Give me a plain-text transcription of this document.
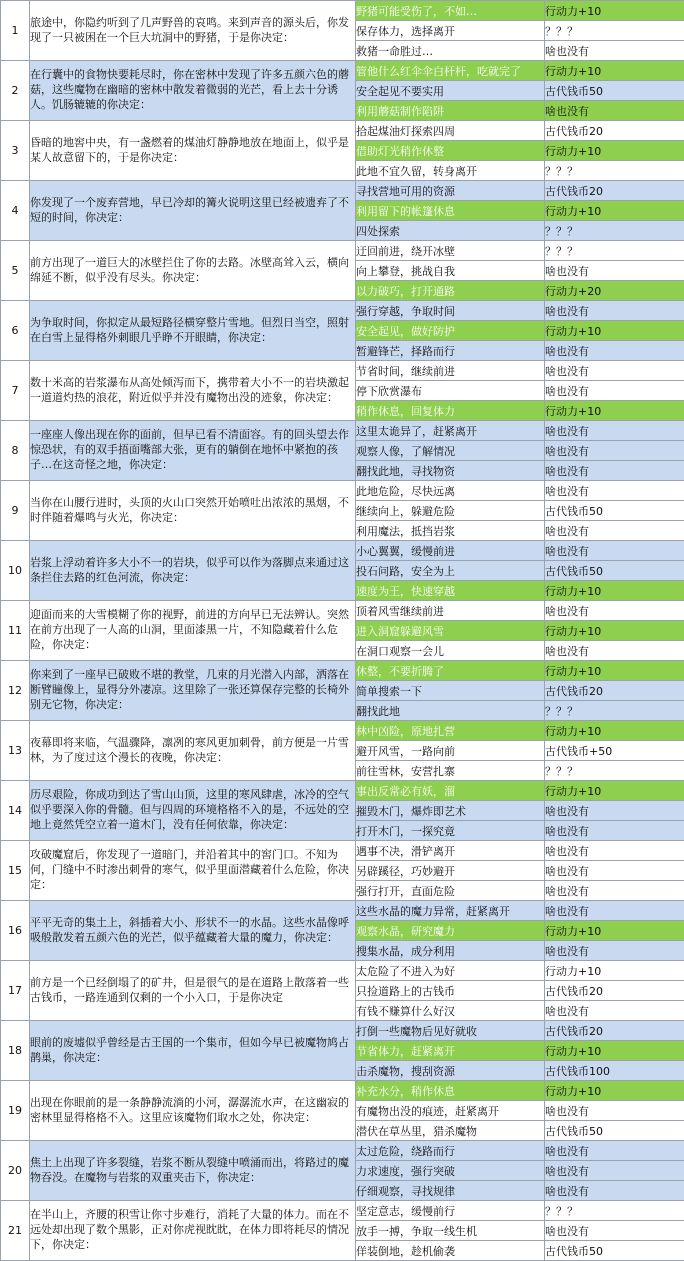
1	旅途中，你隐约听到了几声野兽的哀鸣。来到声音的源头后，你发现了一只被困在一个巨大坑洞中的野猪，于是你决定：	野猪可能受伤了，不如…	行动力+10
		保存体力，选择离开	？？？
		救猪一命胜过…	啥也没有
2	在行囊中的食物快要耗尽时，你在密林中发现了许多五颜六色的蘑菇，这些魔物在幽暗的密林中散发着微弱的光芒，看上去十分诱人。饥肠辘辘的你决定：	管他什么红伞伞白杆杆，吃就完了	行动力+10
		安全起见不要实用	古代钱币50
		利用蘑菇制作陷阱	啥也没有
3	昏暗的地窖中央，有一盏燃着的煤油灯静静地放在地面上，似乎是某人故意留下的，于是你决定：	拾起煤油灯探索四周	古代钱币20
		借助灯光稍作休整	行动力+10
		此地不宜久留，转身离开	？？？
4	你发现了一个废弃营地，早已冷却的篝火说明这里已经被遗弃了不短的时间，你决定：	寻找营地可用的资源	古代钱币20
		利用留下的帐篷休息	行动力+10
		四处探索	？？？
5	前方出现了一道巨大的冰壁拦住了你的去路。冰壁高耸入云，横向绵延不断，似乎没有尽头。你决定：	迂回前进，绕开冰壁	？？？
		向上攀登，挑战自我	啥也没有
		以力破巧，打开通路	行动力+20
6	为争取时间，你拟定从最短路径横穿整片雪地。但烈日当空，照射在白雪上显得格外刺眼几乎睁不开眼睛，你决定：	强行穿越，争取时间	啥也没有
		安全起见，做好防护	行动力+10
		暂避锋芒，择路而行	啥也没有
7	数十米高的岩浆瀑布从高处倾泻而下，携带着大小不一的岩块激起一道道灼热的浪花，附近似乎并没有魔物出没的迹象，你决定：	节省时间，继续前进	啥也没有
		停下欣赏瀑布	啥也没有
		稍作休息，回复体力	行动力+10
8	一座座人像出现在你的面前，但早已看不清面容。有的回头望去作惊恐状，有的双手捂面嘴部大张，更有的躺倒在地怀中紧抱的孩子…在这奇怪之地，你决定：	这里太诡异了，赶紧离开	啥也没有
		观察人像，了解情况	啥也没有
		翻找此地，寻找物资	啥也没有
9	当你在山腰行进时，头顶的火山口突然开始喷吐出浓浓的黑烟，不时伴随着爆鸣与火光，你决定：	此地危险，尽快远离	啥也没有
		继续向上，躲避危险	古代钱币50
		利用魔法，抵挡岩浆	啥也没有
10	岩浆上浮动着许多大小不一的岩块，似乎可以作为落脚点来通过这条拦住去路的红色河流，你决定：	小心翼翼，缓慢前进	啥也没有
		投石问路，安全为上	古代钱币50
		速度为王，快速穿越	行动力+10
11	迎面而来的大雪模糊了你的视野，前进的方向早已无法辨认。突然在前方出现了一人高的山洞，里面漆黑一片，不知隐藏着什么危险，你决定：	顶着风雪继续前进	啥也没有
		进入洞窟躲避风雪	行动力+10
		在洞口观察一会儿	啥也没有
12	你来到了一座早已破败不堪的教堂，几束的月光潜入内部，洒落在断臂瞳像上，显得分外凄凉。这里除了一张还算保存完整的长椅外别无它物，你决定：	休整，不要折腾了	行动力+10
		简单搜索一下	古代钱币20
		翻找此地	？？？
13	夜幕即将来临，气温骤降，凛冽的寒风更加刺骨，前方便是一片雪林，为了度过这个漫长的夜晚，你决定：	林中凶险，原地扎营	行动力+10
		避开风雪，一路向前	古代钱币+50
		前往雪林，安营扎寨	？？？
14	历尽艰险，你成功到达了雪山山顶，这里的寒风肆虐，冰冷的空气似乎要深入你的骨髓。但与四周的环境格格不入的是，不远处的空地上竟然凭空立着一道木门，没有任何依靠，你决定：	事出反常必有妖，溜	行动力+10
		摧毁木门，爆炸即艺术	啥也没有
		打开木门，一探究竟	啥也没有
15	攻破魔窟后，你发现了一道暗门，并沿着其中的窖门口。不知为何，门缝中不时渗出刺骨的寒气，似乎里面潜藏着什么危险，你决定：	遇事不决，滑铲离开	啥也没有
		另辟蹊径，巧妙避开	啥也没有
		强行打开，直面危险	啥也没有
16	平平无奇的集土上，斜插着大小、形状不一的水晶。这些水晶像呼吸般散发着五颜六色的光芒，似乎蕴藏着大量的魔力，你决定：	这些水晶的魔力异常，赶紧离开	啥也没有
		观察水晶，研究魔力	行动力+10
		搜集水晶，成分利用	啥也没有
17	前方是一个已经倒塌了的矿井，但是很气的是在道路上散落着一些古钱币，一路连通到仅剩的一个小入口，于是你决定	太危险了不进入为好	行动力+10
		只捡道路上的古钱币	古代钱币20
		有钱不赚算什么好汉	啥也没有
18	眼前的废墟似乎曾经是古王国的一个集市，但如今早已被魔物鸠占鹊巢，你决定：	打倒一些魔物后见好就收	古代钱币20
		节省体力，赶紧离开	行动力+10
		击杀魔物，搜刮资源	古代钱币100
19	出现在你眼前的是一条静静流淌的小河，潺潺流水声，在这幽寂的密林里显得格格不入。这里应该魔物们取水之处，你决定：	补充水分，稍作休息	行动力+10
		有魔物出没的痕迹，赶紧离开	啥也没有
		潜伏在草丛里，猎杀魔物	古代钱币50
20	焦土上出现了许多裂缝，岩浆不断从裂缝中喷涌而出，将路过的魔物吞没。在魔物与岩浆的双重夹击下，你决定：	太过危险，绕路而行	啥也没有
		力求速度，强行突破	啥也没有
		仔细观察，寻找规律	啥也没有
21	在半山上，齐腰的积雪让你寸步难行，消耗了大量的体力。而在不远处却出现了数个黑影，正对你虎视眈眈，在体力即将耗尽的情况下，你决定：	坚定意志，缓慢前行	？？？
		放手一搏，争取一线生机	啥也没有
		佯装倒地，趁机偷袭	古代钱币50
